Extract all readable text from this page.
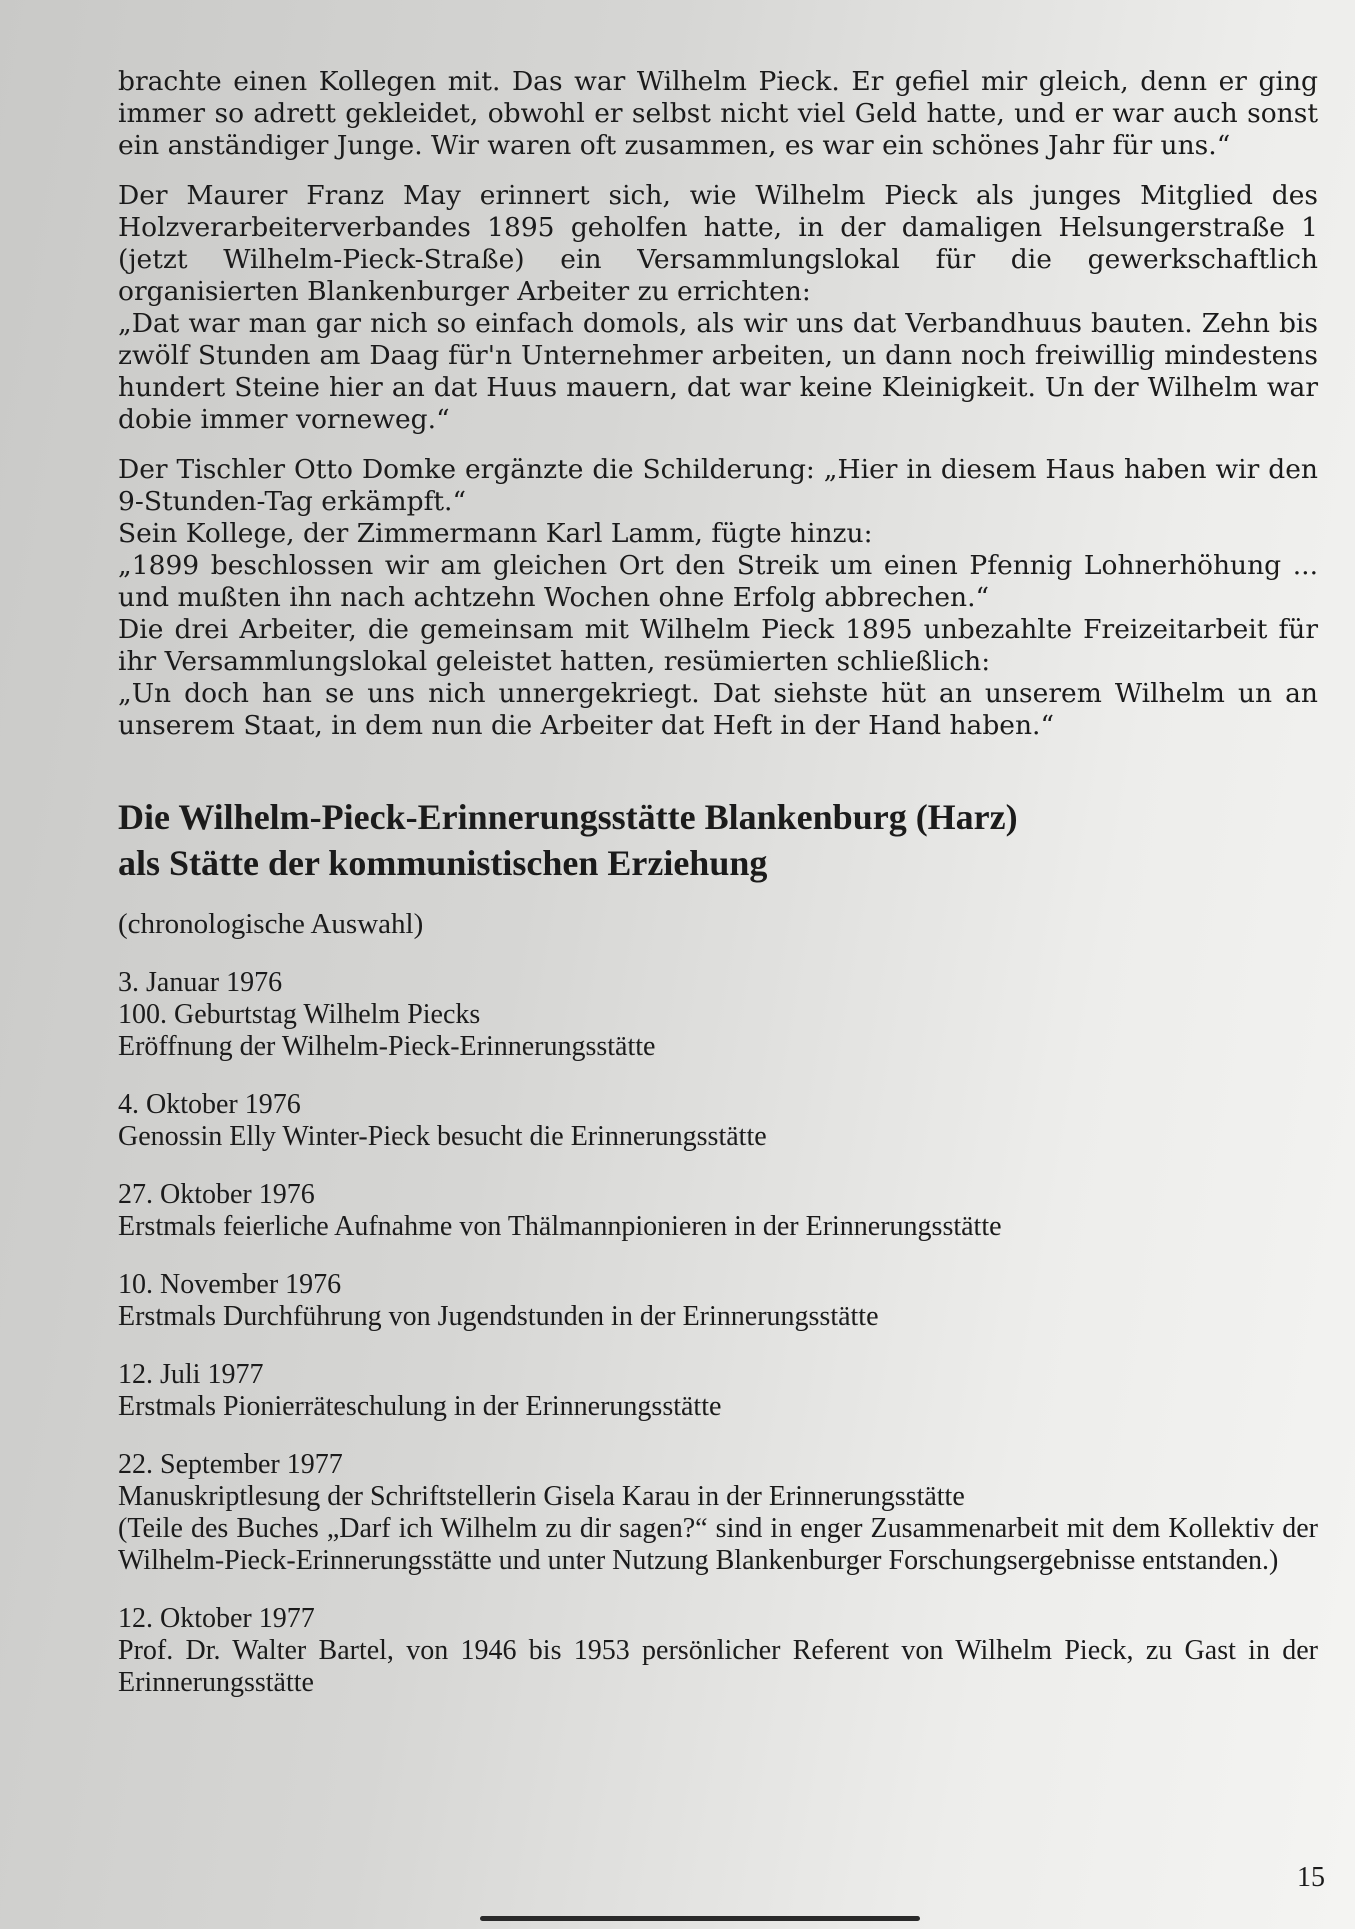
brachte einen Kollegen mit. Das war Wilhelm Pieck. Er gefiel mir gleich, denn er ging immer so adrett gekleidet, obwohl er selbst nicht viel Geld hatte, und er war auch sonst ein anständiger Junge. Wir waren oft zusammen, es war ein schönes Jahr für uns.“

Der Maurer Franz May erinnert sich, wie Wilhelm Pieck als junges Mitglied des Holzverarbeiterverbandes 1895 geholfen hatte, in der damaligen Helsungerstraße 1 (jetzt Wilhelm-Pieck-Straße) ein Versammlungslokal für die gewerkschaftlich organisierten Blankenburger Arbeiter zu errichten:

„Dat war man gar nich so einfach domols, als wir uns dat Verbandhuus bauten. Zehn bis zwölf Stunden am Daag für'n Unternehmer arbeiten, un dann noch freiwillig mindestens hundert Steine hier an dat Huus mauern, dat war keine Kleinigkeit. Un der Wilhelm war dobie immer vorneweg.“

Der Tischler Otto Domke ergänzte die Schilderung: „Hier in diesem Haus haben wir den 9-Stunden-Tag erkämpft.“

Sein Kollege, der Zimmermann Karl Lamm, fügte hinzu:

„1899 beschlossen wir am gleichen Ort den Streik um einen Pfennig Lohnerhöhung ... und mußten ihn nach achtzehn Wochen ohne Erfolg abbrechen.“

Die drei Arbeiter, die gemeinsam mit Wilhelm Pieck 1895 unbezahlte Freizeitarbeit für ihr Versammlungslokal geleistet hatten, resümierten schließlich:

„Un doch han se uns nich unnergekriegt. Dat siehste hüt an unserem Wilhelm un an unserem Staat, in dem nun die Arbeiter dat Heft in der Hand haben.“

Die Wilhelm-Pieck-Erinnerungsstätte Blankenburg (Harz)
als Stätte der kommunistischen Erziehung

(chronologische Auswahl)

3. Januar 1976

100. Geburtstag Wilhelm Piecks

Eröffnung der Wilhelm-Pieck-Erinnerungsstätte

4. Oktober 1976

Genossin Elly Winter-Pieck besucht die Erinnerungsstätte

27. Oktober 1976

Erstmals feierliche Aufnahme von Thälmannpionieren in der Erinnerungsstätte

10. November 1976

Erstmals Durchführung von Jugendstunden in der Erinnerungsstätte

12. Juli 1977

Erstmals Pionierräteschulung in der Erinnerungsstätte

22. September 1977

Manuskriptlesung der Schriftstellerin Gisela Karau in der Erinnerungsstätte

(Teile des Buches „Darf ich Wilhelm zu dir sagen?“ sind in enger Zusammenarbeit mit dem Kollektiv der Wilhelm-Pieck-Erinnerungsstätte und unter Nutzung Blankenburger Forschungsergebnisse entstanden.)

12. Oktober 1977

Prof. Dr. Walter Bartel, von 1946 bis 1953 persönlicher Referent von Wilhelm Pieck, zu Gast in der Erinnerungsstätte

15
